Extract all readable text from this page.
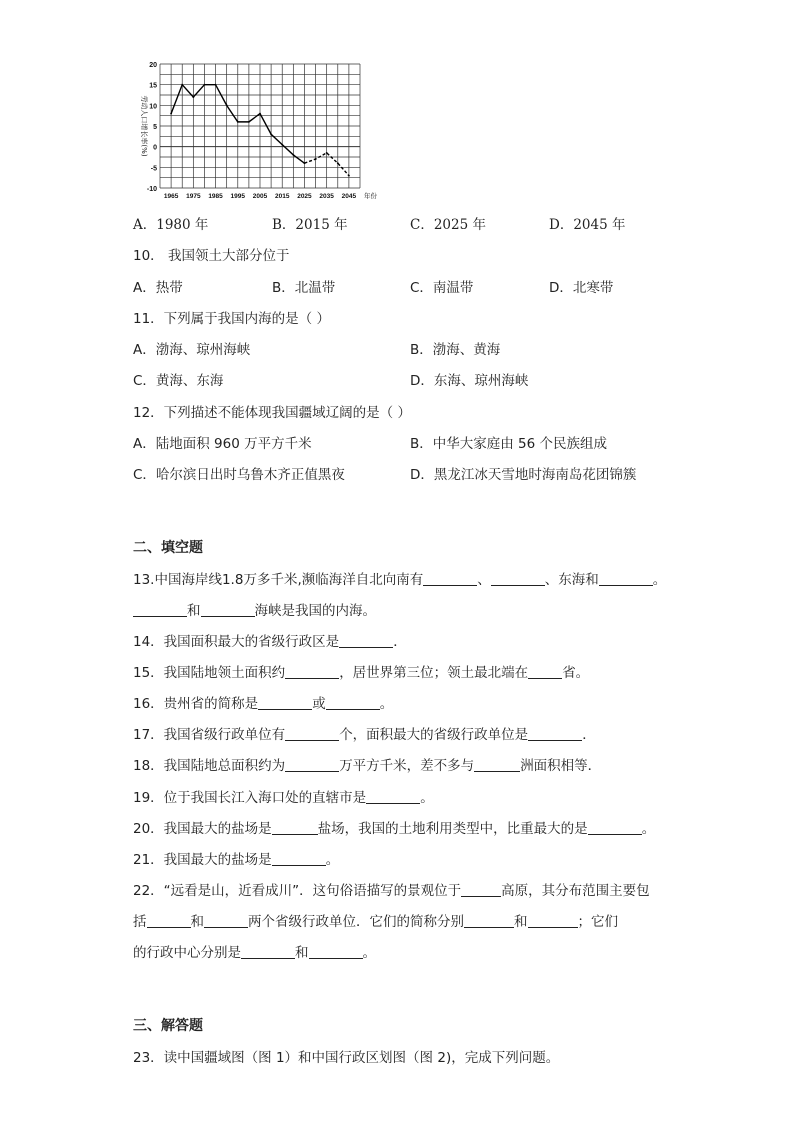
20
15
10
5
0
-5
-10
1965 1975 1985 1995 2005 2015 2025 2035 2045 年份
劳动人口增长率(%)
A．1980 年	B．2015 年	C．2025 年	D．2045 年
10． 我国领土大部分位于
A．热带	B．北温带	C．南温带	D．北寒带
11．下列属于我国内海的是（ ）
A．渤海、琼州海峡	B．渤海、黄海
C．黄海、东海	D．东海、琼州海峡
12．下列描述不能体现我国疆域辽阔的是（ ）
A．陆地面积 960 万平方千米	B．中华大家庭由 56 个民族组成
C．哈尔滨日出时乌鲁木齐正值黑夜	D．黑龙江冰天雪地时海南岛花团锦簇
二、填空题
13.中国海岸线1.8万多千米,濒临海洋自北向南有	、	、东海和	。
和	海峡是我国的内海。
14．我国面积最大的省级行政区是	．
15．我国陆地领土面积约	，居世界第三位；领土最北端在	省。
16．贵州省的简称是	或	。
17．我国省级行政单位有	个，面积最大的省级行政单位是	．
18．我国陆地总面积约为	万平方千米，差不多与	洲面积相等．
19．位于我国长江入海口处的直辖市是	。
20．我国最大的盐场是	盐场，我国的土地利用类型中，比重最大的是	。
21．我国最大的盐场是	。
22．“远看是山，近看成川”．这句俗语描写的景观位于	高原，其分布范围主要包
括	和	两个省级行政单位．它们的简称分别	和	；它们
的行政中心分别是	和	。
三、解答题
23．读中国疆域图（图 1）和中国行政区划图（图 2)，完成下列问题。
